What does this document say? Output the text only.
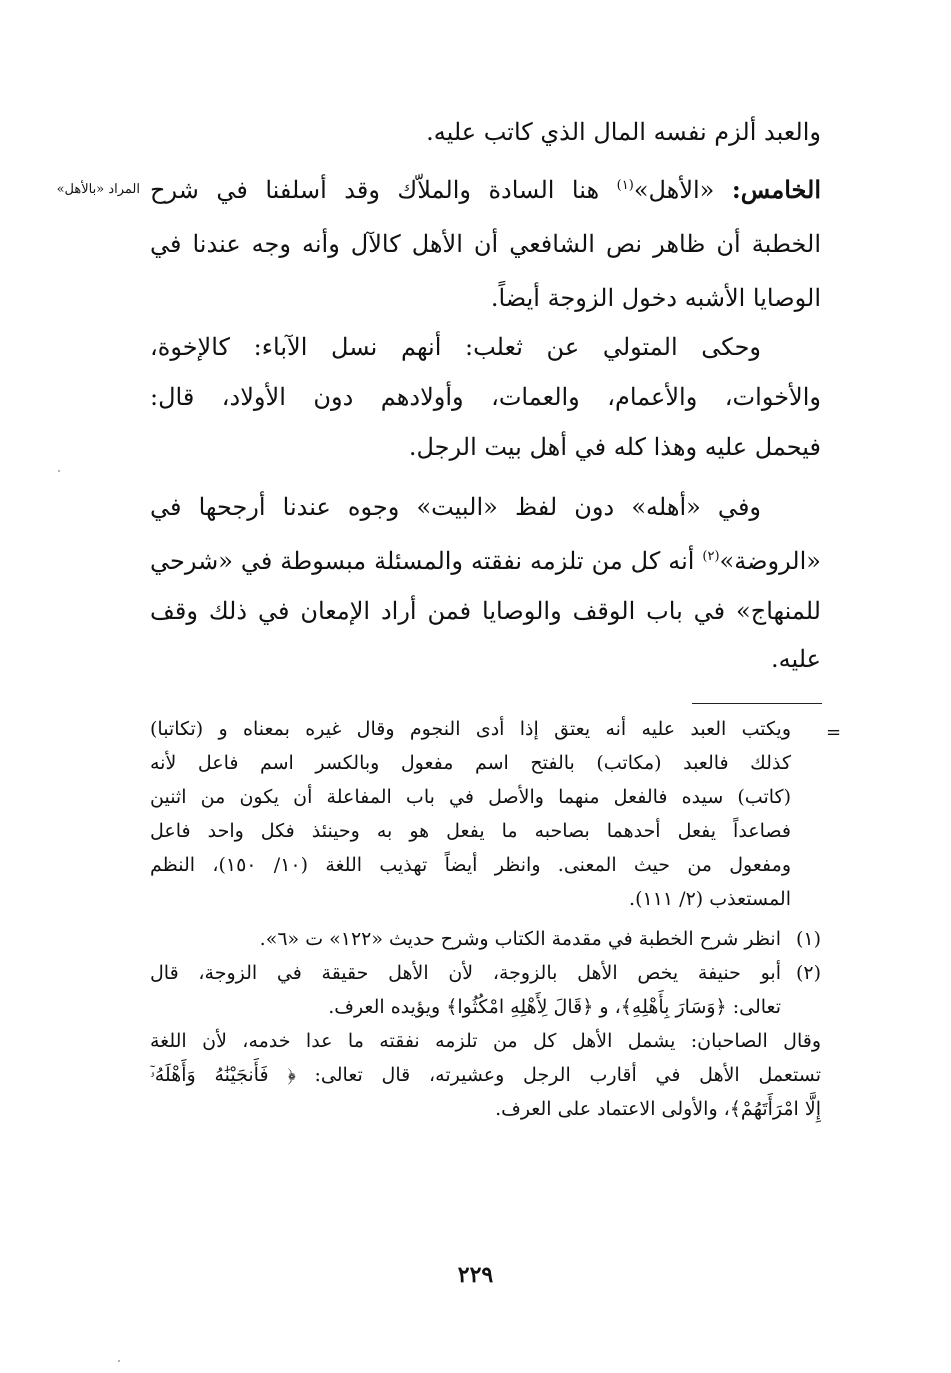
والعبد ألزم نفسه المال الذي كاتب عليه.
الخامس: «الأهل»$^{(١)}$ هنا السادة والملاّك وقد أسلفنا في شرح
المراد «بالأهل»
الخطبة أن ظاهر نص الشافعي أن الأهل كالآل وأنه وجه عندنا في
الوصايا الأشبه دخول الزوجة أيضاً.
وحكى المتولي عن ثعلب: أنهم نسل الآباء: كالإخوة،
والأخوات، والأعمام، والعمات، وأولادهم دون الأولاد، قال:
فيحمل عليه وهذا كله في أهل بيت الرجل.
وفي «أهله» دون لفظ «البيت» وجوه عندنا أرجحها في
«الروضة»$^{(٢)}$ أنه كل من تلزمه نفقته والمسئلة مبسوطة في «شرحي
للمنهاج» في باب الوقف والوصايا فمن أراد الإمعان في ذلك وقف
عليه.
=
ويكتب العبد عليه أنه يعتق إذا أدى النجوم وقال غيره بمعناه و (تكاتبا)
كذلك فالعبد (مكاتب) بالفتح اسم مفعول وبالكسر اسم فاعل لأنه
(كاتب) سيده فالفعل منهما والأصل في باب المفاعلة أن يكون من اثنين
فصاعداً يفعل أحدهما بصاحبه ما يفعل هو به وحينئذ فكل واحد فاعل
ومفعول من حيث المعنى. وانظر أيضاً تهذيب اللغة (١٠/ ١٥٠)، النظم
المستعذب (٢/ ١١١).
(١)
انظر شرح الخطبة في مقدمة الكتاب وشرح حديث «١٢٢» ت «٦».
(٢)
أبو حنيفة يخص الأهل بالزوجة، لأن الأهل حقيقة في الزوجة، قال
تعالى: ﴿وَسَارَ بِأَهْلِهِ﴾، و ﴿قَالَ لِأَهْلِهِ امْكُثُوا﴾ ويؤيده العرف.
وقال الصاحبان: يشمل الأهل كل من تلزمه نفقته ما عدا خدمه، لأن اللغة
تستعمل الأهل في أقارب الرجل وعشيرته، قال تعالى: ﴿ فَأَنجَيْنَٰهُ وَأَهْلَهُۥٓ
إِلَّا امْرَأَتَهُمْ﴾، والأولى الاعتماد على العرف.
٢٢٩
